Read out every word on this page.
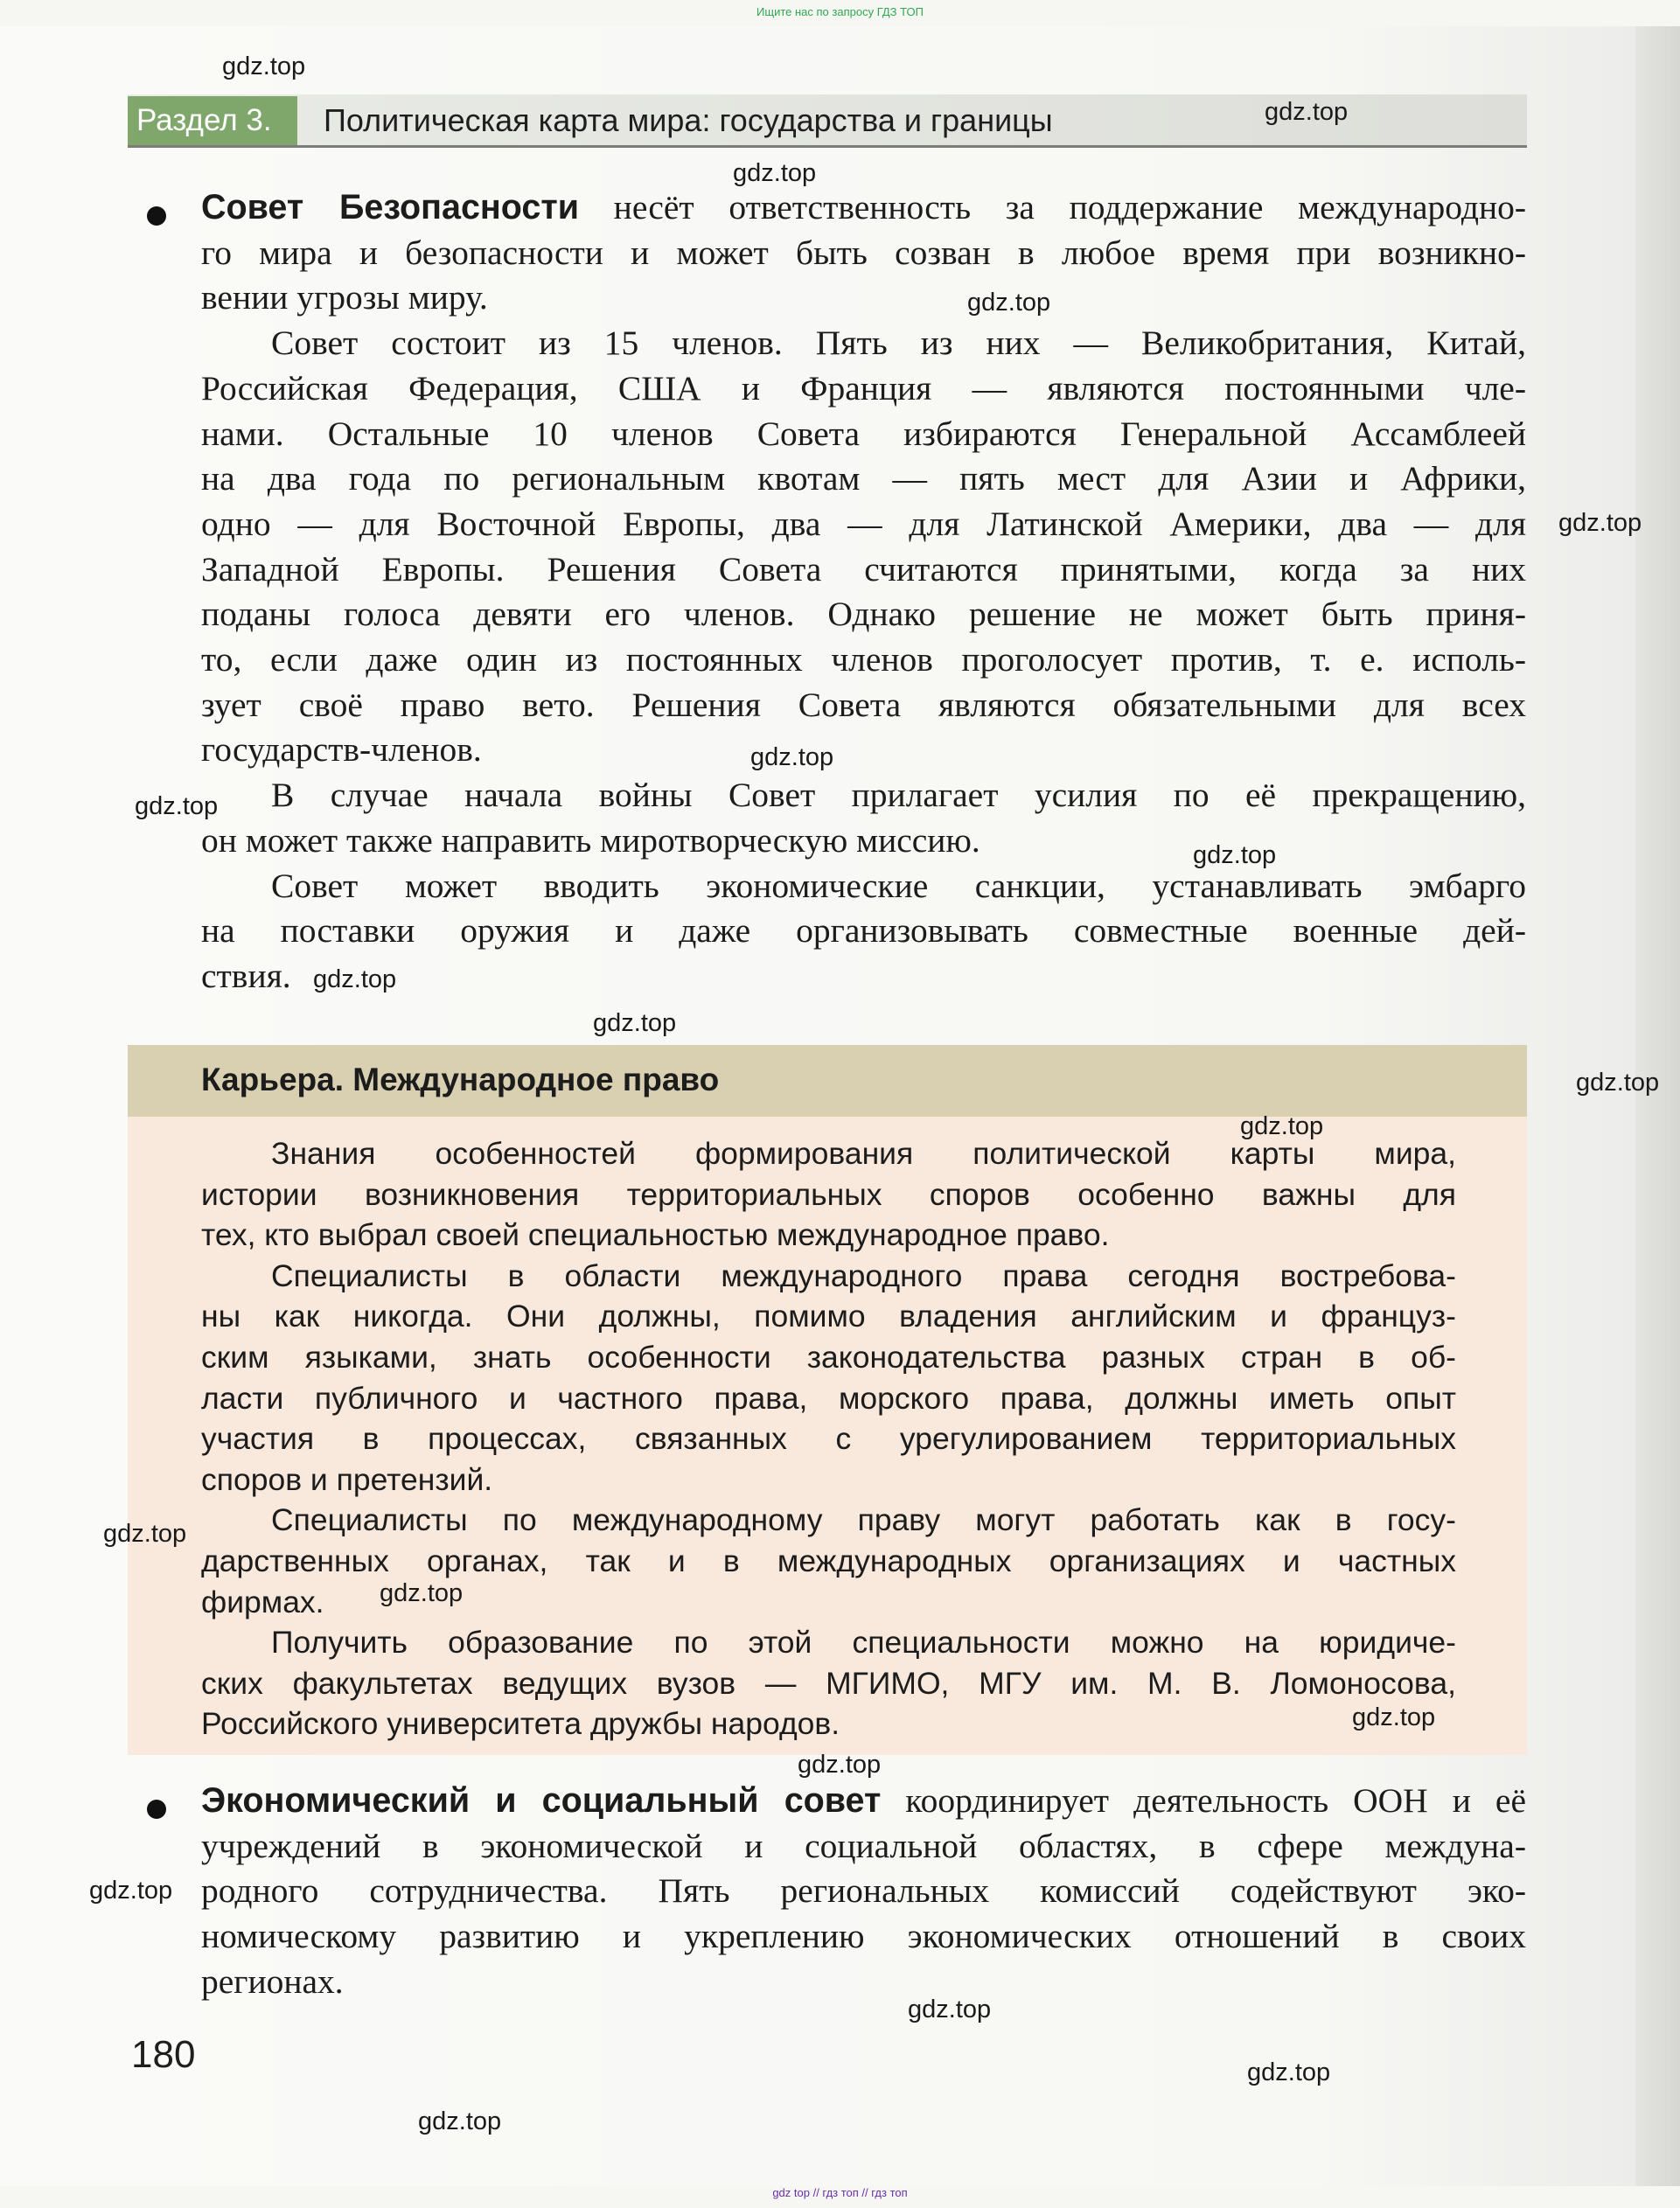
Ищите нас по запросу ГДЗ ТОП
Раздел 3.	Политическая карта мира: государства и границы
Совет Безопасности несёт ответственность за поддержание международно-
го мира и безопасности и может быть созван в любое время при возникно-
вении угрозы миру.
Совет состоит из 15 членов. Пять из них — Великобритания, Китай,
Российская Федерация, США и Франция — являются постоянными чле-
нами. Остальные 10 членов Совета избираются Генеральной Ассамблеей
на два года по региональным квотам — пять мест для Азии и Африки,
одно — для Восточной Европы, два — для Латинской Америки, два — для
Западной Европы. Решения Совета считаются принятыми, когда за них
поданы голоса девяти его членов. Однако решение не может быть приня-
то, если даже один из постоянных членов проголосует против, т. е. исполь-
зует своё право вето. Решения Совета являются обязательными для всех
государств-членов.
В случае начала войны Совет прилагает усилия по её прекращению,
он может также направить миротворческую миссию.
Совет может вводить экономические санкции, устанавливать эмбарго
на поставки оружия и даже организовывать совместные военные дей-
ствия.
Карьера. Международное право
Знания особенностей формирования политической карты мира,
истории возникновения территориальных споров особенно важны для
тех, кто выбрал своей специальностью международное право.
Специалисты в области международного права сегодня востребова-
ны как никогда. Они должны, помимо владения английским и француз-
ским языками, знать особенности законодательства разных стран в об-
ласти публичного и частного права, морского права, должны иметь опыт
участия в процессах, связанных с урегулированием территориальных
споров и претензий.
Специалисты по международному праву могут работать как в госу-
дарственных органах, так и в международных организациях и частных
фирмах.
Получить образование по этой специальности можно на юридиче-
ских факультетах ведущих вузов — МГИМО, МГУ им. М. В. Ломоносова,
Российского университета дружбы народов.
Экономический и социальный совет координирует деятельность ООН и её
учреждений в экономической и социальной областях, в сфере междуна-
родного сотрудничества. Пять региональных комиссий содействуют эко-
номическому развитию и укреплению экономических отношений в своих
регионах.
180
gdz.top
gdz.top
gdz.top
gdz.top
gdz.top
gdz.top
gdz.top
gdz.top
gdz.top
gdz.top
gdz.top
gdz.top
gdz.top
gdz.top
gdz.top
gdz.top
gdz.top
gdz.top
gdz.top
gdz.top
gdz top // гдз топ // гдз топ
